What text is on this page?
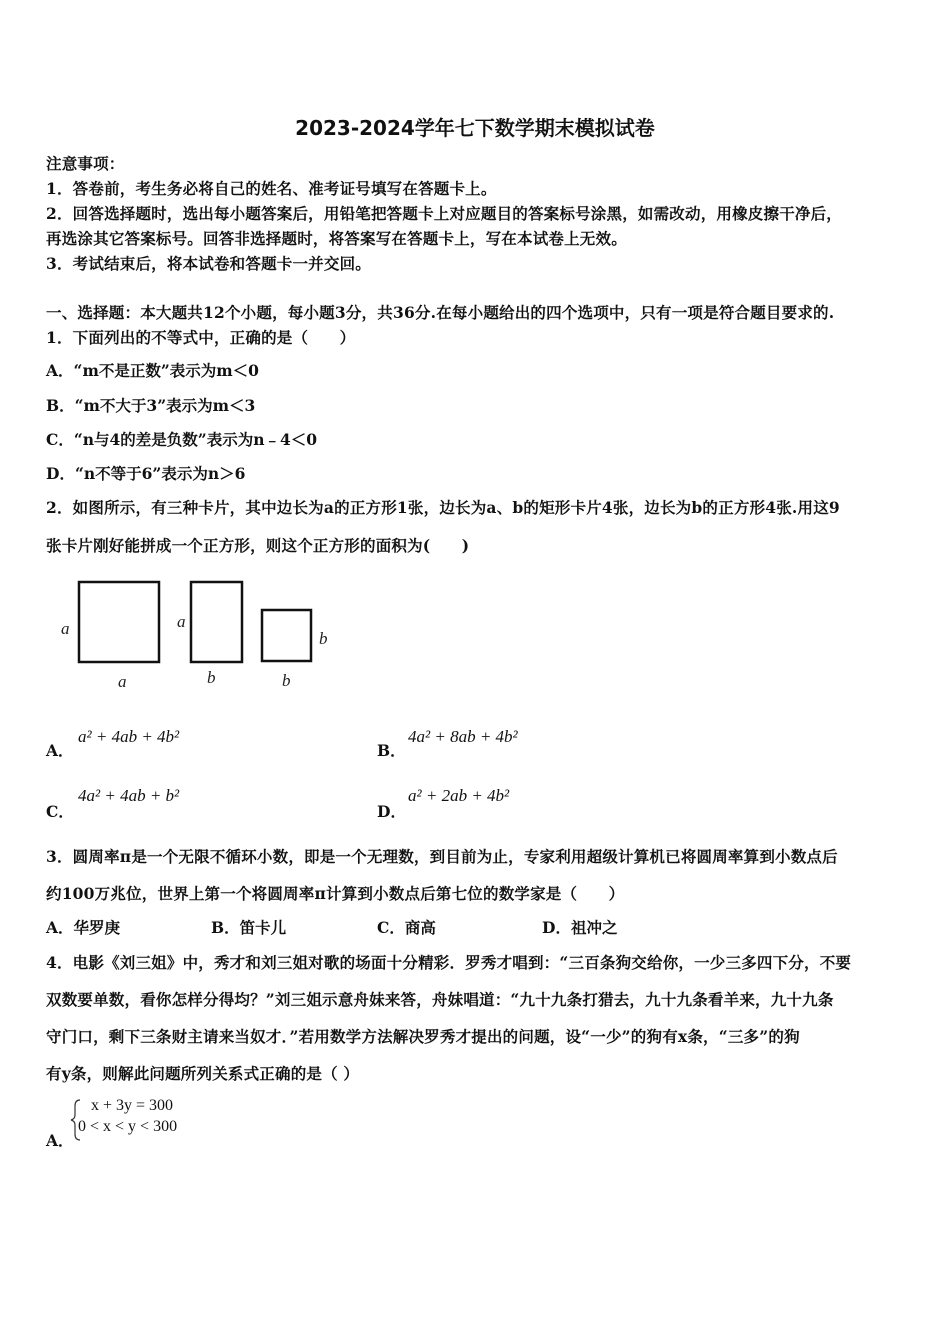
2023-2024学年七下数学期末模拟试卷
注意事项：
1．答卷前，考生务必将自己的姓名、准考证号填写在答题卡上。
2．回答选择题时，选出每小题答案后，用铅笔把答题卡上对应题目的答案标号涂黑，如需改动，用橡皮擦干净后，
再选涂其它答案标号。回答非选择题时，将答案写在答题卡上，写在本试卷上无效。
3．考试结束后，将本试卷和答题卡一并交回。
一、选择题：本大题共12个小题，每小题3分，共36分.在每小题给出的四个选项中，只有一项是符合题目要求的.
1．下面列出的不等式中，正确的是（　　）
A．“m不是正数”表示为m＜0
B．“m不大于3”表示为m＜3
C．“n与4的差是负数”表示为n﹣4＜0
D．“n不等于6”表示为n＞6
2．如图所示，有三种卡片，其中边长为a的正方形1张，边长为a、b的矩形卡片4张，边长为b的正方形4张.用这9
张卡片刚好能拼成一个正方形，则这个正方形的面积为(　　)
a
a
a
b
b
b
A．
a² + 4ab + 4b²
B．
4a² + 8ab + 4b²
C．
4a² + 4ab + b²
D．
a² + 2ab + 4b²
3．圆周率π是一个无限不循环小数，即是一个无理数，到目前为止，专家利用超级计算机已将圆周率算到小数点后
约100万兆位，世界上第一个将圆周率π计算到小数点后第七位的数学家是（　　）
A．华罗庚	B．笛卡儿	C．商高	D．祖冲之
4．电影《刘三姐》中，秀才和刘三姐对歌的场面十分精彩．罗秀才唱到：“三百条狗交给你，一少三多四下分，不要
双数要单数，看你怎样分得均？”刘三姐示意舟妹来答，舟妹唱道：“九十九条打猎去，九十九条看羊来，九十九条
守门口，剩下三条财主请来当奴才．”若用数学方法解决罗秀才提出的问题，设“一少”的狗有x条，“三多”的狗
有y条，则解此问题所列关系式正确的是（ ）
A．
x + 3y = 300
0 < x < y < 300
